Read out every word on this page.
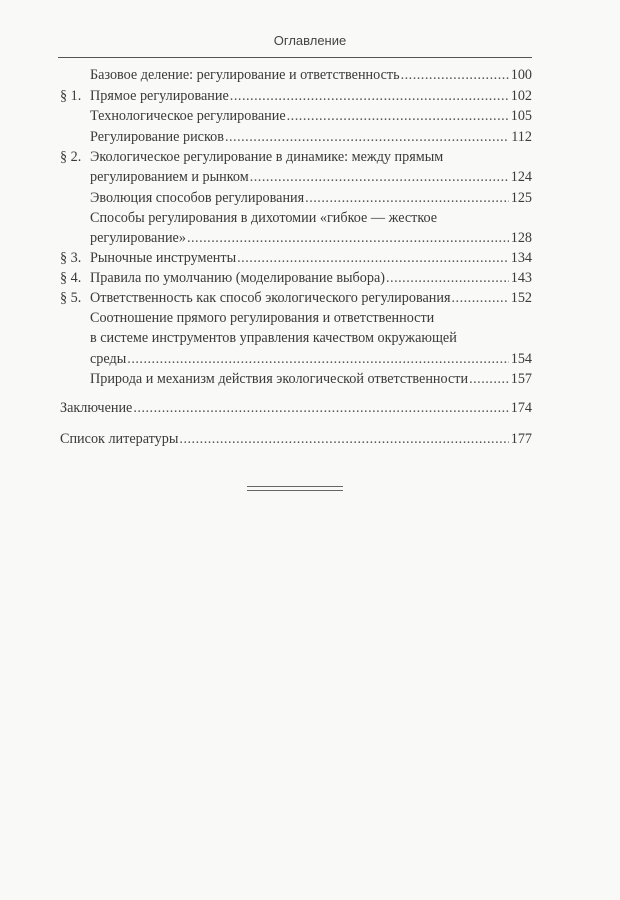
Оглавление
Базовое деление: регулирование и ответственность .....	100
§ 1. Прямое регулирование .....	102
Технологическое регулирование .....	105
Регулирование рисков .....	112
§ 2. Экологическое регулирование в динамике: между прямым
регулированием и рынком .....	124
Эволюция способов регулирования .....	125
Способы регулирования в дихотомии «гибкое — жесткое
регулирование» .....	128
§ 3. Рыночные инструменты .....	134
§ 4. Правила по умолчанию (моделирование выбора) .....	143
§ 5. Ответственность как способ экологического регулирования .....	152
Соотношение прямого регулирования и ответственности
в системе инструментов управления качеством окружающей
среды .....	154
Природа и механизм действия экологической ответственности .....	157
Заключение .....	174
Список литературы .....	177
